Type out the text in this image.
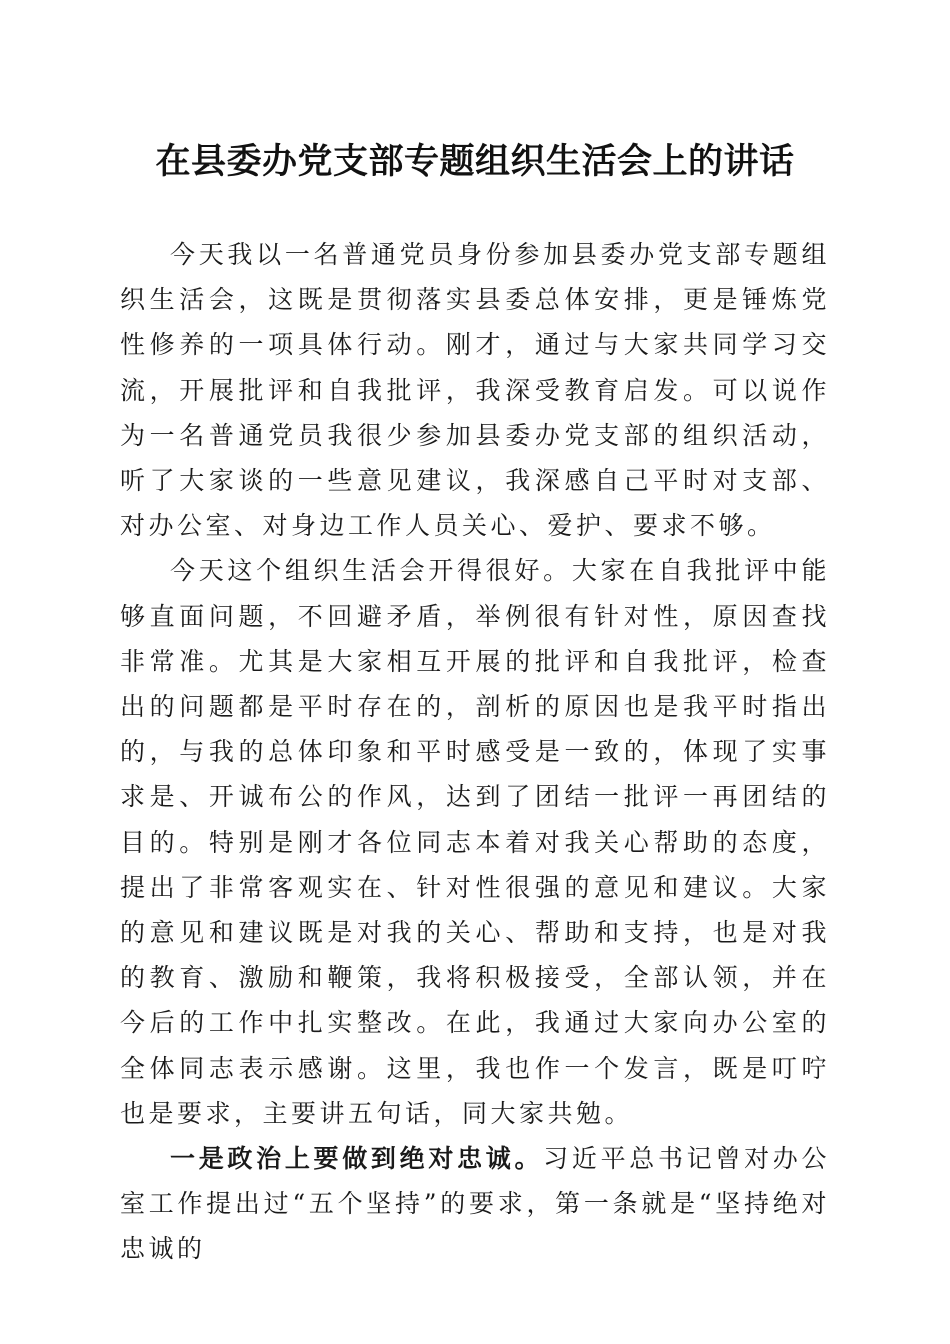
在县委办党支部专题组织生活会上的讲话

今天我以一名普通党员身份参加县委办党支部专题组织生活会，这既是贯彻落实县委总体安排，更是锤炼党性修养的一项具体行动。刚才，通过与大家共同学习交流，开展批评和自我批评，我深受教育启发。可以说作为一名普通党员我很少参加县委办党支部的组织活动，听了大家谈的一些意见建议，我深感自己平时对支部、对办公室、对身边工作人员关心、爱护、要求不够。

今天这个组织生活会开得很好。大家在自我批评中能够直面问题，不回避矛盾，举例很有针对性，原因查找非常准。尤其是大家相互开展的批评和自我批评，检查出的问题都是平时存在的，剖析的原因也是我平时指出的，与我的总体印象和平时感受是一致的，体现了实事求是、开诚布公的作风，达到了团结一批评一再团结的目的。特别是刚才各位同志本着对我关心帮助的态度，提出了非常客观实在、针对性很强的意见和建议。大家的意见和建议既是对我的关心、帮助和支持，也是对我的教育、激励和鞭策，我将积极接受，全部认领，并在今后的工作中扎实整改。在此，我通过大家向办公室的全体同志表示感谢。这里，我也作一个发言，既是叮咛也是要求，主要讲五句话，同大家共勉。

一是政治上要做到绝对忠诚。习近平总书记曾对办公室工作提出过“五个坚持”的要求，第一条就是“坚持绝对忠诚的
